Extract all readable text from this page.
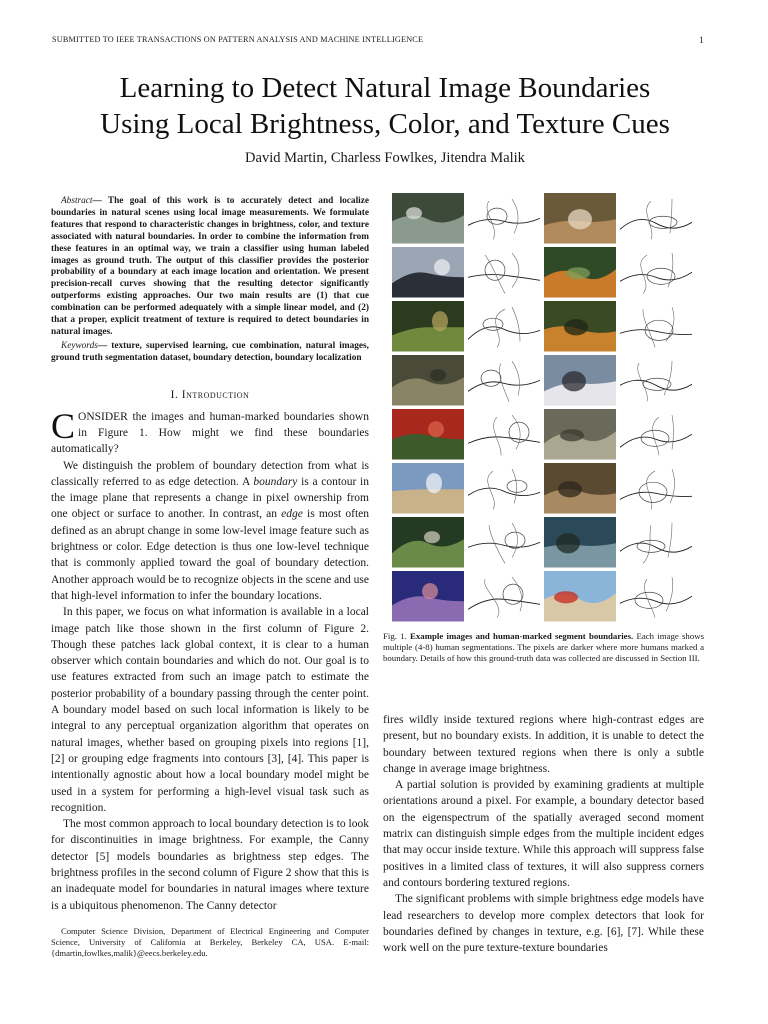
SUBMITTED TO IEEE TRANSACTIONS ON PATTERN ANALYSIS AND MACHINE INTELLIGENCE	1
Learning to Detect Natural Image Boundaries
Using Local Brightness, Color, and Texture Cues
David Martin, Charless Fowlkes, Jitendra Malik
Abstract— The goal of this work is to accurately detect and localize boundaries in natural scenes using local image measurements. We formulate features that respond to characteristic changes in brightness, color, and texture associated with natural boundaries. In order to combine the information from these features in an optimal way, we train a classifier using human labeled images as ground truth. The output of this classifier provides the posterior probability of a boundary at each image location and orientation. We present precision-recall curves showing that the resulting detector significantly outperforms existing approaches. Our two main results are (1) that cue combination can be performed adequately with a simple linear model, and (2) that a proper, explicit treatment of texture is required to detect boundaries in natural images.
Keywords— texture, supervised learning, cue combination, natural images, ground truth segmentation dataset, boundary detection, boundary localization
I. Introduction

CONSIDER the images and human-marked boundaries shown in Figure 1. How might we find these boundaries automatically?

We distinguish the problem of boundary detection from what is classically referred to as edge detection. A boundary is a contour in the image plane that represents a change in pixel ownership from one object or surface to another. In contrast, an edge is most often defined as an abrupt change in some low-level image feature such as brightness or color. Edge detection is thus one low-level technique that is commonly applied toward the goal of boundary detection. Another approach would be to recognize objects in the scene and use that high-level information to infer the boundary locations.

In this paper, we focus on what information is available in a local image patch like those shown in the first column of Figure 2. Though these patches lack global context, it is clear to a human observer which contain boundaries and which do not. Our goal is to use features extracted from such an image patch to estimate the posterior probability of a boundary passing through the center point. A boundary model based on such local information is likely to be integral to any perceptual organization algorithm that operates on natural images, whether based on grouping pixels into regions [1], [2] or grouping edge fragments into contours [3], [4]. This paper is intentionally agnostic about how a local boundary model might be used in a system for performing a high-level visual task such as recognition.

The most common approach to local boundary detection is to look for discontinuities in image brightness. For example, the Canny detector [5] models boundaries as brightness step edges. The brightness profiles in the second column of Figure 2 show that this is an inadequate model for boundaries in natural images where texture is a ubiquitous phenomenon. The Canny detector

Computer Science Division, Department of Electrical Engineering and Computer Science, University of California at Berkeley, Berkeley CA, USA. E-mail: {dmartin,fowlkes,malik}@eecs.berkeley.edu.
Fig. 1. Example images and human-marked segment boundaries. Each image shows multiple (4-8) human segmentations. The pixels are darker where more humans marked a boundary. Details of how this ground-truth data was collected are discussed in Section III.

fires wildly inside textured regions where high-contrast edges are present, but no boundary exists. In addition, it is unable to detect the boundary between textured regions when there is only a subtle change in average image brightness.

A partial solution is provided by examining gradients at multiple orientations around a pixel. For example, a boundary detector based on the eigenspectrum of the spatially averaged second moment matrix can distinguish simple edges from the multiple incident edges that may occur inside texture. While this approach will suppress false positives in a limited class of textures, it will also suppress corners and contours bordering textured regions.

The significant problems with simple brightness edge models have lead researchers to develop more complex detectors that look for boundaries defined by changes in texture, e.g. [6], [7]. While these work well on the pure texture-texture boundaries
